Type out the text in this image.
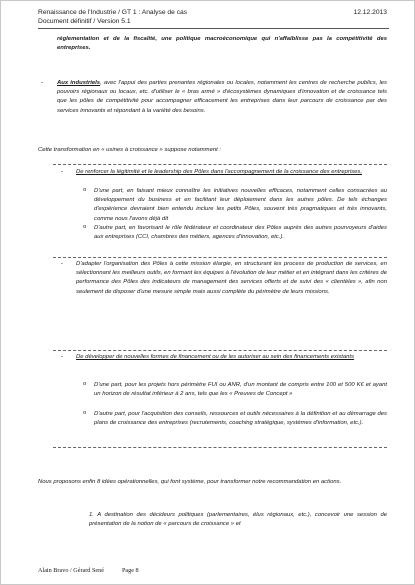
Renaissance de l'Industrie / GT 1 : Analyse de cas	12.12.2013
Document définitif / Version 5.1
réglementation et de la fiscalité, une politique macroéconomique qui n'affaiblisse pas la compétitivité des entreprises.
- Aux industriels, avec l'appui des parties prenantes régionales ou locales, notamment les centres de recherche publics, les pouvoirs régionaux ou locaux, etc. d'utiliser le « bras armé » d'écosystèmes dynamiques d'innovation et de croissance tels que les pôles de compétitivité pour accompagner efficacement les entreprises dans leur parcours de croissance par des services innovants et répondant à la variété des besoins.
Cette transformation en « usines à croissance » suppose notamment :
- De renforcer la légitimité et le leadership des Pôles dans l'accompagnement de la croissance des entreprises,
o D'une part, en faisant mieux connaître les initiatives nouvelles efficaces, notamment celles consacrées au développement du business et en facilitant leur déploiement dans les autres pôles. De tels échanges d'expérience devraient bien entendu inclure les petits Pôles, souvent très pragmatiques et très innovants, comme nous l'avons déjà dit
o D'autre part, en favorisant le rôle fédérateur et coordinateur des Pôles auprès des autres pourvoyeurs d'aides aux entreprises (CCI, chambres des métiers, agences d'innovation, etc.).
- D'adapter l'organisation des Pôles à cette mission élargie, en structurant les process de production de services, en sélectionnant les meilleurs outils, en formant les équipes à l'évolution de leur métier et en intégrant dans les critères de performance des Pôles des indicateurs de management des services offerts et de suivi des « clientèles », afin non seulement de disposer d'une mesure simple mais aussi complète du périmètre de leurs missions.
- De développer de nouvelles formes de financement ou de les autoriser au sein des financements existants
o D'une part, pour les projets hors périmètre FUI ou ANR, d'un montant de compris entre 100 et 500 K€ et ayant un horizon de résultat inférieur à 2 ans, tels que les « Preuves de Concept »
o D'autre part, pour l'acquisition des conseils, ressources et outils nécessaires à la définition et au démarrage des plans de croissance des entreprises (recrutements, coaching stratégique, systèmes d'information, etc.).
Nous proposons enfin 8 idées opérationnelles, qui font système, pour transformer notre recommandation en actions.
1. A destination des décideurs politiques (parlementaires, élus régionaux, etc.), concevoir une session de présentation de la notion de « parcours de croissance » et
Alain Bravo / Gérard Sené	Page 8
